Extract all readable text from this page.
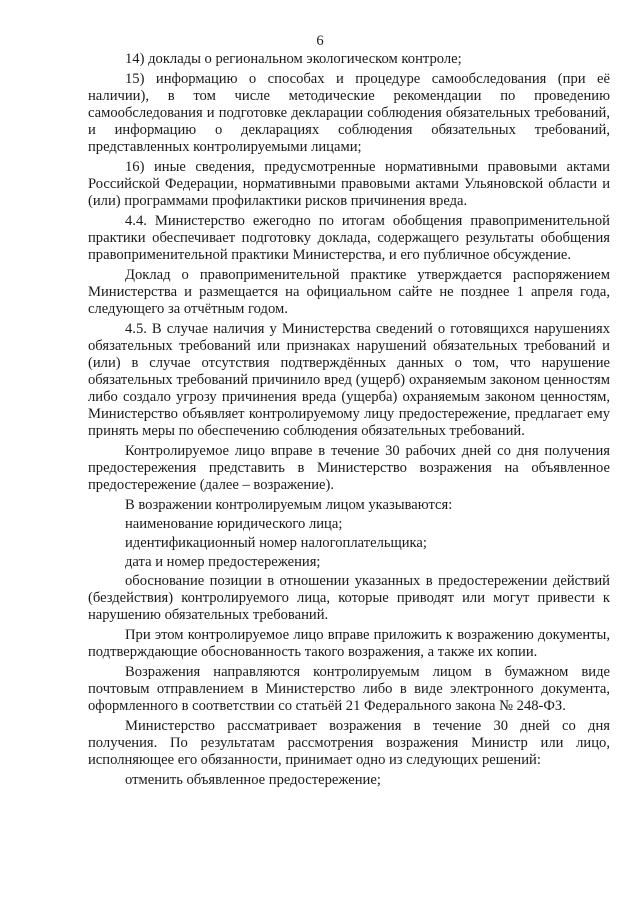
6

14) доклады о региональном экологическом контроле;

15) информацию о способах и процедуре самообследования (при её наличии), в том числе методические рекомендации по проведению самообследования и подготовке декларации соблюдения обязательных требований, и информацию о декларациях соблюдения обязательных требований, представленных контролируемыми лицами;

16) иные сведения, предусмотренные нормативными правовыми актами Российской Федерации, нормативными правовыми актами Ульяновской области и (или) программами профилактики рисков причинения вреда.

4.4. Министерство ежегодно по итогам обобщения правоприменительной практики обеспечивает подготовку доклада, содержащего результаты обобщения правоприменительной практики Министерства, и его публичное обсуждение.

Доклад о правоприменительной практике утверждается распоряжением Министерства и размещается на официальном сайте не позднее 1 апреля года, следующего за отчётным годом.

4.5. В случае наличия у Министерства сведений о готовящихся нарушениях обязательных требований или признаках нарушений обязательных требований и (или) в случае отсутствия подтверждённых данных о том, что нарушение обязательных требований причинило вред (ущерб) охраняемым законом ценностям либо создало угрозу причинения вреда (ущерба) охраняемым законом ценностям, Министерство объявляет контролируемому лицу предостережение, предлагает ему принять меры по обеспечению соблюдения обязательных требований.

Контролируемое лицо вправе в течение 30 рабочих дней со дня получения предостережения представить в Министерство возражения на объявленное предостережение (далее – возражение).

В возражении контролируемым лицом указываются:

наименование юридического лица;

идентификационный номер налогоплательщика;

дата и номер предостережения;

обоснование позиции в отношении указанных в предостережении действий (бездействия) контролируемого лица, которые приводят или могут привести к нарушению обязательных требований.

При этом контролируемое лицо вправе приложить к возражению документы, подтверждающие обоснованность такого возражения, а также их копии.

Возражения направляются контролируемым лицом в бумажном виде почтовым отправлением в Министерство либо в виде электронного документа, оформленного в соответствии со статьёй 21 Федерального закона № 248-ФЗ.

Министерство рассматривает возражения в течение 30 дней со дня получения. По результатам рассмотрения возражения Министр или лицо, исполняющее его обязанности, принимает одно из следующих решений:

отменить объявленное предостережение;
